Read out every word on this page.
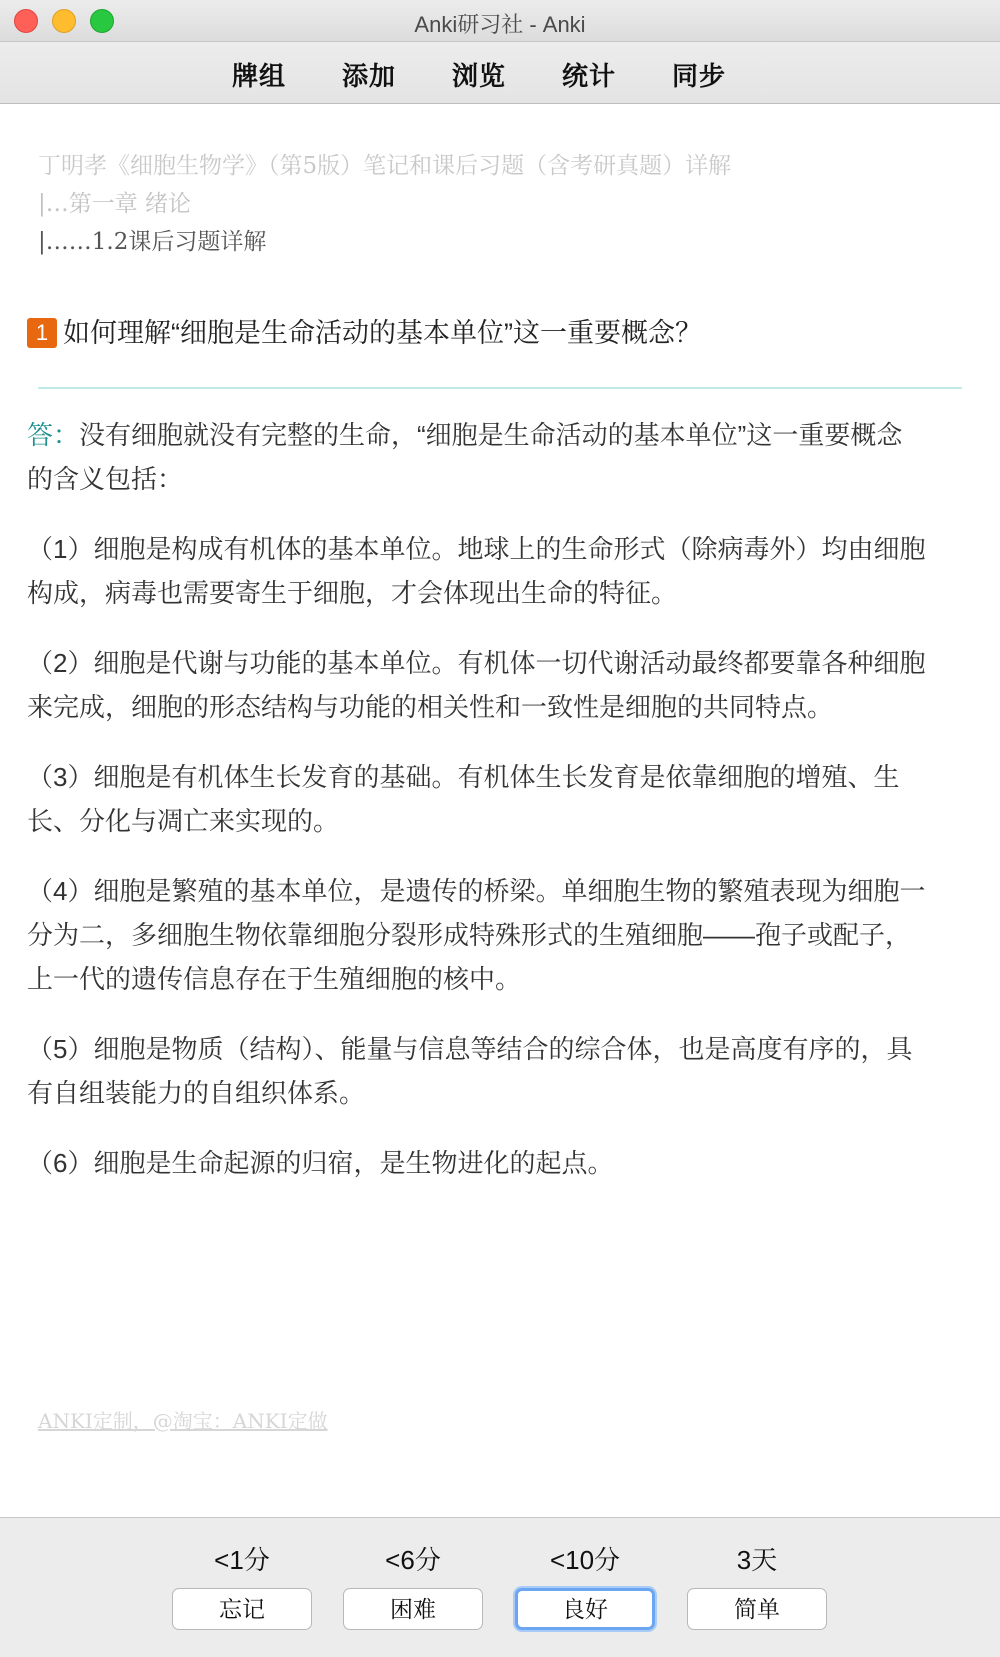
Anki研习社 - Anki
牌组 添加 浏览 统计 同步
丁明孝《细胞生物学》（第5版）笔记和课后习题（含考研真题）详解
|…第一章 绪论
|……1.2课后习题详解
1 如何理解“细胞是生命活动的基本单位”这一重要概念？

答：没有细胞就没有完整的生命，“细胞是生命活动的基本单位”这一重要概念的含义包括：

（1）细胞是构成有机体的基本单位。地球上的生命形式（除病毒外）均由细胞构成，病毒也需要寄生于细胞，才会体现出生命的特征。

（2）细胞是代谢与功能的基本单位。有机体一切代谢活动最终都要靠各种细胞来完成，细胞的形态结构与功能的相关性和一致性是细胞的共同特点。

（3）细胞是有机体生长发育的基础。有机体生长发育是依靠细胞的增殖、生长、分化与凋亡来实现的。

（4）细胞是繁殖的基本单位，是遗传的桥梁。单细胞生物的繁殖表现为细胞一分为二，多细胞生物依靠细胞分裂形成特殊形式的生殖细胞——孢子或配子，上一代的遗传信息存在于生殖细胞的核中。

（5）细胞是物质（结构）、能量与信息等结合的综合体，也是高度有序的，具有自组装能力的自组织体系。

（6）细胞是生命起源的归宿，是生物进化的起点。

ANKI定制，@淘宝：ANKI定做
<1分	<6分	<10分	3天
忘记	困难	良好	简单
